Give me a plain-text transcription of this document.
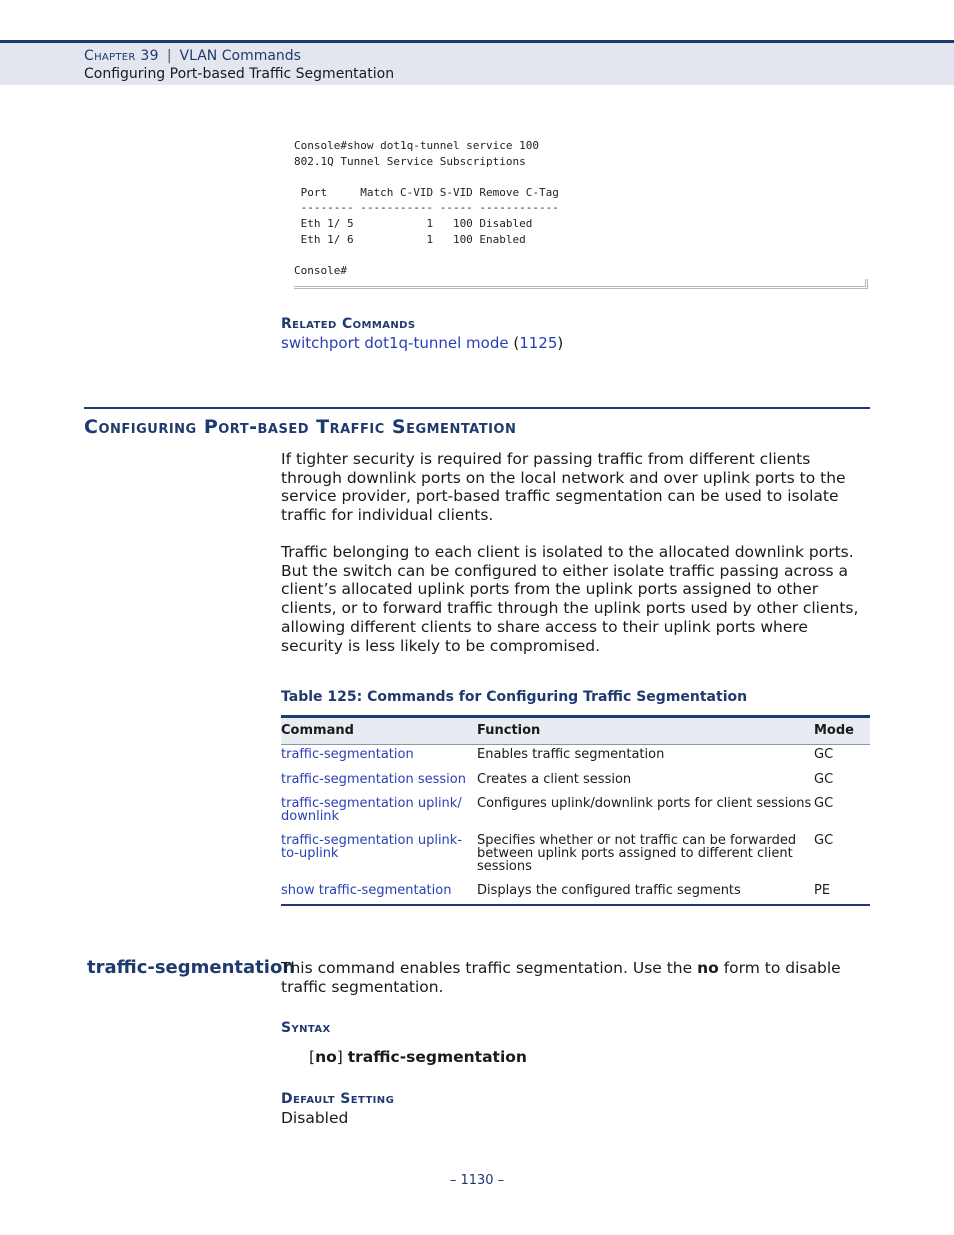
Chapter 39 | VLAN Commands
Configuring Port-based Traffic Segmentation
Console#show dot1q-tunnel service 100
802.1Q Tunnel Service Subscriptions

Port     Match C-VID S-VID Remove C-Tag
-------- ----------- ----- ------------
Eth 1/ 5           1   100 Disabled
Eth 1/ 6           1   100 Enabled

Console#
Related Commands
switchport dot1q-tunnel mode (1125)
Configuring Port-based Traffic Segmentation

If tighter security is required for passing traffic from different clients through downlink ports on the local network and over uplink ports to the service provider, port-based traffic segmentation can be used to isolate traffic for individual clients.

Traffic belonging to each client is isolated to the allocated downlink ports. But the switch can be configured to either isolate traffic passing across a client’s allocated uplink ports from the uplink ports assigned to other clients, or to forward traffic through the uplink ports used by other clients, allowing different clients to share access to their uplink ports where security is less likely to be compromised.

Table 125: Commands for Configuring Traffic Segmentation
Command	Function	Mode
traffic-segmentation	Enables traffic segmentation	GC
traffic-segmentation session	Creates a client session	GC
traffic-segmentation uplink/ downlink	Configures uplink/downlink ports for client sessions	GC
traffic-segmentation uplink-to-uplink	Specifies whether or not traffic can be forwarded between uplink ports assigned to different client sessions	GC
show traffic-segmentation	Displays the configured traffic segments	PE
traffic-segmentation

This command enables traffic segmentation. Use the no form to disable traffic segmentation.

Syntax
[no] traffic-segmentation
Default Setting
Disabled
– 1130 –
